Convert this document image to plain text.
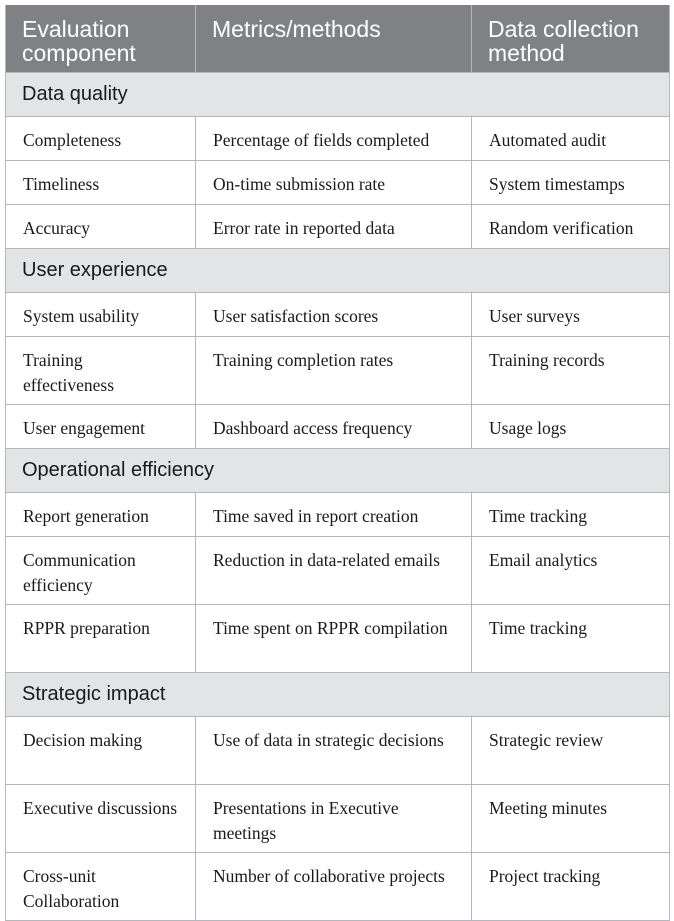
Evaluation component	Metrics/methods	Data collection method
Data quality		
Completeness	Percentage of fields completed	Automated audit
Timeliness	On-time submission rate	System timestamps
Accuracy	Error rate in reported data	Random verification
User experience		
System usability	User satisfaction scores	User surveys
Training effectiveness	Training completion rates	Training records
User engagement	Dashboard access frequency	Usage logs
Operational efficiency		
Report generation	Time saved in report creation	Time tracking
Communication efficiency	Reduction in data-related emails	Email analytics
RPPR preparation	Time spent on RPPR compilation	Time tracking
Strategic impact		
Decision making	Use of data in strategic decisions	Strategic review
Executive discussions	Presentations in Executive meetings	Meeting minutes
Cross-unit Collaboration	Number of collaborative projects	Project tracking
